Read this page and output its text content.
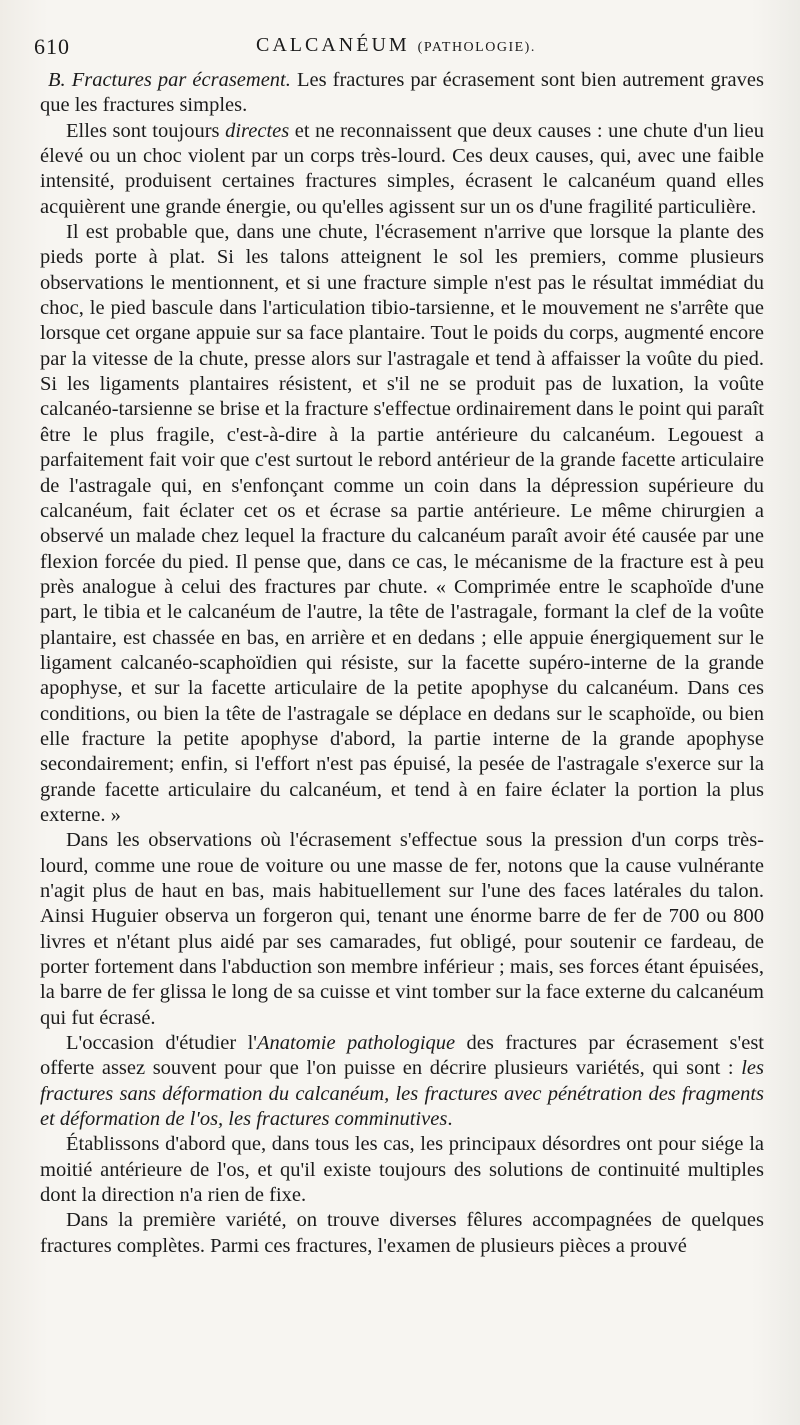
610	CALCANÉUM (PATHOLOGIE).

B. Fractures par écrasement. Les fractures par écrasement sont bien autrement graves que les fractures simples.

Elles sont toujours directes et ne reconnaissent que deux causes : une chute d'un lieu élevé ou un choc violent par un corps très-lourd. Ces deux causes, qui, avec une faible intensité, produisent certaines fractures simples, écrasent le calcanéum quand elles acquièrent une grande énergie, ou qu'elles agissent sur un os d'une fragilité particulière.

Il est probable que, dans une chute, l'écrasement n'arrive que lorsque la plante des pieds porte à plat. Si les talons atteignent le sol les premiers, comme plusieurs observations le mentionnent, et si une fracture simple n'est pas le résultat immédiat du choc, le pied bascule dans l'articulation tibio-tarsienne, et le mouvement ne s'arrête que lorsque cet organe appuie sur sa face plantaire. Tout le poids du corps, augmenté encore par la vitesse de la chute, presse alors sur l'astragale et tend à affaisser la voûte du pied. Si les ligaments plantaires résistent, et s'il ne se produit pas de luxation, la voûte calcanéo-tarsienne se brise et la fracture s'effectue ordinairement dans le point qui paraît être le plus fragile, c'est-à-dire à la partie antérieure du calcanéum. Legouest a parfaitement fait voir que c'est surtout le rebord antérieur de la grande facette articulaire de l'astragale qui, en s'enfonçant comme un coin dans la dépression supérieure du calcanéum, fait éclater cet os et écrase sa partie antérieure. Le même chirurgien a observé un malade chez lequel la fracture du calcanéum paraît avoir été causée par une flexion forcée du pied. Il pense que, dans ce cas, le mécanisme de la fracture est à peu près analogue à celui des fractures par chute. « Comprimée entre le scaphoïde d'une part, le tibia et le calcanéum de l'autre, la tête de l'astragale, formant la clef de la voûte plantaire, est chassée en bas, en arrière et en dedans ; elle appuie énergiquement sur le ligament calcanéo-scaphoïdien qui résiste, sur la facette supéro-interne de la grande apophyse, et sur la facette articulaire de la petite apophyse du calcanéum. Dans ces conditions, ou bien la tête de l'astragale se déplace en dedans sur le scaphoïde, ou bien elle fracture la petite apophyse d'abord, la partie interne de la grande apophyse secondairement; enfin, si l'effort n'est pas épuisé, la pesée de l'astragale s'exerce sur la grande facette articulaire du calcanéum, et tend à en faire éclater la portion la plus externe. »

Dans les observations où l'écrasement s'effectue sous la pression d'un corps très-lourd, comme une roue de voiture ou une masse de fer, notons que la cause vulnérante n'agit plus de haut en bas, mais habituellement sur l'une des faces latérales du talon. Ainsi Huguier observa un forgeron qui, tenant une énorme barre de fer de 700 ou 800 livres et n'étant plus aidé par ses camarades, fut obligé, pour soutenir ce fardeau, de porter fortement dans l'abduction son membre inférieur ; mais, ses forces étant épuisées, la barre de fer glissa le long de sa cuisse et vint tomber sur la face externe du calcanéum qui fut écrasé.

L'occasion d'étudier l'Anatomie pathologique des fractures par écrasement s'est offerte assez souvent pour que l'on puisse en décrire plusieurs variétés, qui sont : les fractures sans déformation du calcanéum, les fractures avec pénétration des fragments et déformation de l'os, les fractures comminutives.

Établissons d'abord que, dans tous les cas, les principaux désordres ont pour siége la moitié antérieure de l'os, et qu'il existe toujours des solutions de continuité multiples dont la direction n'a rien de fixe.

Dans la première variété, on trouve diverses fêlures accompagnées de quelques fractures complètes. Parmi ces fractures, l'examen de plusieurs pièces a prouvé
